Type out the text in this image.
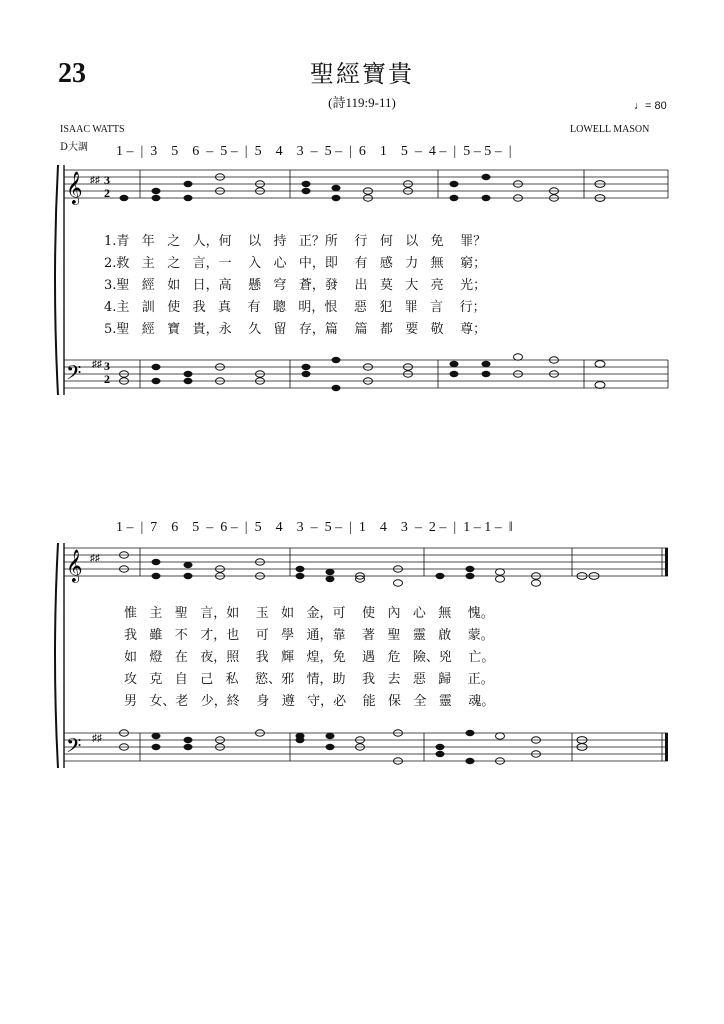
23	聖經寶貴
(詩119:9-11)	♩= 80
ISAAC WATTS
D大調
LOWELL MASON
1 –  |  3    5    6  –  5 –  |  5    4    3  –  5 –  |  6    1    5  –  4 –  |  5 – 5 –  |
𝄞
𝄢
♯♯
♯♯
3
2
3
2
𝄞
𝄢
♯♯
♯♯
1.青   年   之   人，何    以   持   正？所    行   何   以   免    罪？
2.救   主   之   言，一    入   心   中，即    有   感   力   無    窮；
3.聖   經   如   日，高    懸   穹   蒼，發    出   莫   大   亮    光；
4.主   訓   使   我   真    有   聰   明，恨    惡   犯   罪   言    行；
5.聖   經   寶   貴，永    久   留   存，篇    篇   都   要   敬    尊；
1 –  |  7    6    5  –  6 –  |  5    4    3  –  5 –  |  1    4    3  –  2 –  |  1 – 1 –  ‖
惟   主   聖   言，如    玉   如   金，可    使   內   心   無    愧。
我   雖   不   才，也    可   學   通，靠    著   聖   靈   啟    蒙。
如   燈   在   夜，照    我   輝   煌，免    遇   危   險、兇    亡。
攻   克   自   己   私    慾、邪   情，助    我   去   惡   歸    正。
男   女、老   少，終    身   遵   守，必    能   保   全   靈    魂。
